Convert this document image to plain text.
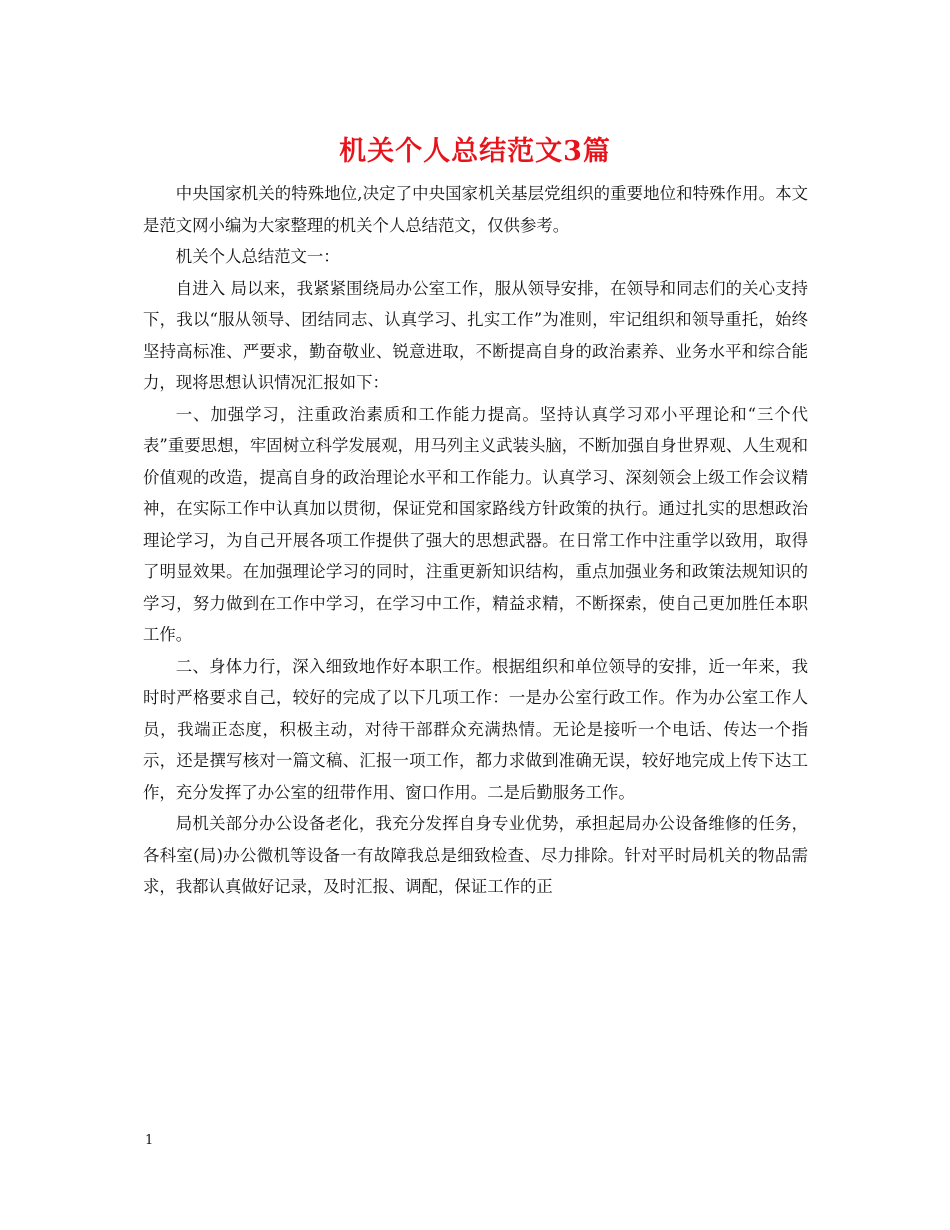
机关个人总结范文3篇

中央国家机关的特殊地位,决定了中央国家机关基层党组织的重要地位和特殊作用。本文是范文网小编为大家整理的机关个人总结范文，仅供参考。

机关个人总结范文一：

自进入 局以来，我紧紧围绕局办公室工作，服从领导安排，在领导和同志们的关心支持下，我以“服从领导、团结同志、认真学习、扎实工作”为准则，牢记组织和领导重托，始终坚持高标准、严要求，勤奋敬业、锐意进取，不断提高自身的政治素养、业务水平和综合能力，现将思想认识情况汇报如下：

一、加强学习，注重政治素质和工作能力提高。坚持认真学习邓小平理论和“三个代表”重要思想，牢固树立科学发展观，用马列主义武装头脑，不断加强自身世界观、人生观和价值观的改造，提高自身的政治理论水平和工作能力。认真学习、深刻领会上级工作会议精神，在实际工作中认真加以贯彻，保证党和国家路线方针政策的执行。通过扎实的思想政治理论学习，为自己开展各项工作提供了强大的思想武器。在日常工作中注重学以致用，取得了明显效果。在加强理论学习的同时，注重更新知识结构，重点加强业务和政策法规知识的学习，努力做到在工作中学习，在学习中工作，精益求精，不断探索，使自己更加胜任本职工作。

二、身体力行，深入细致地作好本职工作。根据组织和单位领导的安排，近一年来，我时时严格要求自己，较好的完成了以下几项工作：一是办公室行政工作。作为办公室工作人员，我端正态度，积极主动，对待干部群众充满热情。无论是接听一个电话、传达一个指示，还是撰写核对一篇文稿、汇报一项工作，都力求做到准确无误，较好地完成上传下达工作，充分发挥了办公室的纽带作用、窗口作用。二是后勤服务工作。

局机关部分办公设备老化，我充分发挥自身专业优势，承担起局办公设备维修的任务，各科室(局)办公微机等设备一有故障我总是细致检查、尽力排除。针对平时局机关的物品需求，我都认真做好记录，及时汇报、调配，保证工作的正

1
